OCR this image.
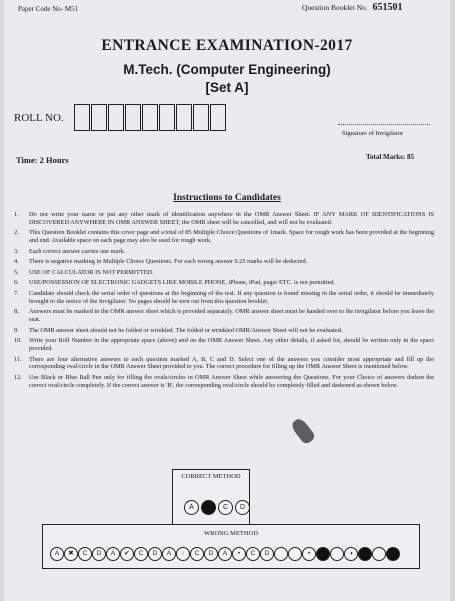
Paper Code No- M51	Question Booklet No. 651501
ENTRANCE EXAMINATION-2017
M.Tech. (Computer Engineering)
[Set A]
ROLL NO.
Signature of Invigilator
Time: 2 Hours	Total Marks: 85
Instructions to Candidates
1.	Do not write your name or put any other mark of identification anywhere in the OMR Answer Sheet. IF ANY MARK OF IDENTIFICATIONS IS DISCOVERED ANYWHERE IN OMR ANSWER SHEET, the OMR sheet will be cancelled, and will not be evaluated.
2.	This Question Booklet contains this cover page and a total of 85 Multiple Choice Questions of 1mark. Space for rough work has been provided at the beginning and end. Available space on each page may also be used for rough work.
3.	Each correct answer carries one mark.
4.	There is negative marking in Multiple Choice Questions. For each wrong answer 0.25 marks will be deducted.
5.	USE OF CALCULATOR IS NOT PERMITTED.
6.	USE/POSSESSION OF ELECTRONIC GADGETS LIKE MOBILE PHONE, iPhone, iPad, pager ETC. is not permitted.
7.	Candidate should check the serial order of questions at the beginning of the test. If any question is found missing in the serial order, it should be immediately brought to the notice of the Invigilator. No pages should be torn out from this question booklet.
8.	Answers must be marked in the OMR answer sheet which is provided separately. OMR answer sheet must be handed over to the invigilator before you leave the seat.
9.	The OMR answer sheet should not be folded or wrinkled. The folded or wrinkled OMR/Answer Sheet will not be evaluated.
10.	Write your Roll Number in the appropriate space (above) and on the OMR Answer Sheet. Any other details, if asked for, should be written only in the space provided.
11.	There are four alternative answers to each question marked A, B, C and D. Select one of the answers you consider most appropriate and fill up the corresponding oval/circle in the OMR Answer Sheet provided to you. The correct procedure for filling up the OMR Answer Sheet is mentioned below.
12.	Use Black or Blue Ball Pen only for filling the ovals/circles in OMR Answer Sheet while answering the Questions. For your Choice of answers darken the correct oval/circle completely. If the correct answer is 'B', the corresponding oval/circle should be completely filled and darkened as shown below.
CORRECT METHOD
A	B	C	D
WRONG METHOD
A	✖	C	D	A	✔	C	D	A	↑	C	D	A	•	C	D	•	◑
